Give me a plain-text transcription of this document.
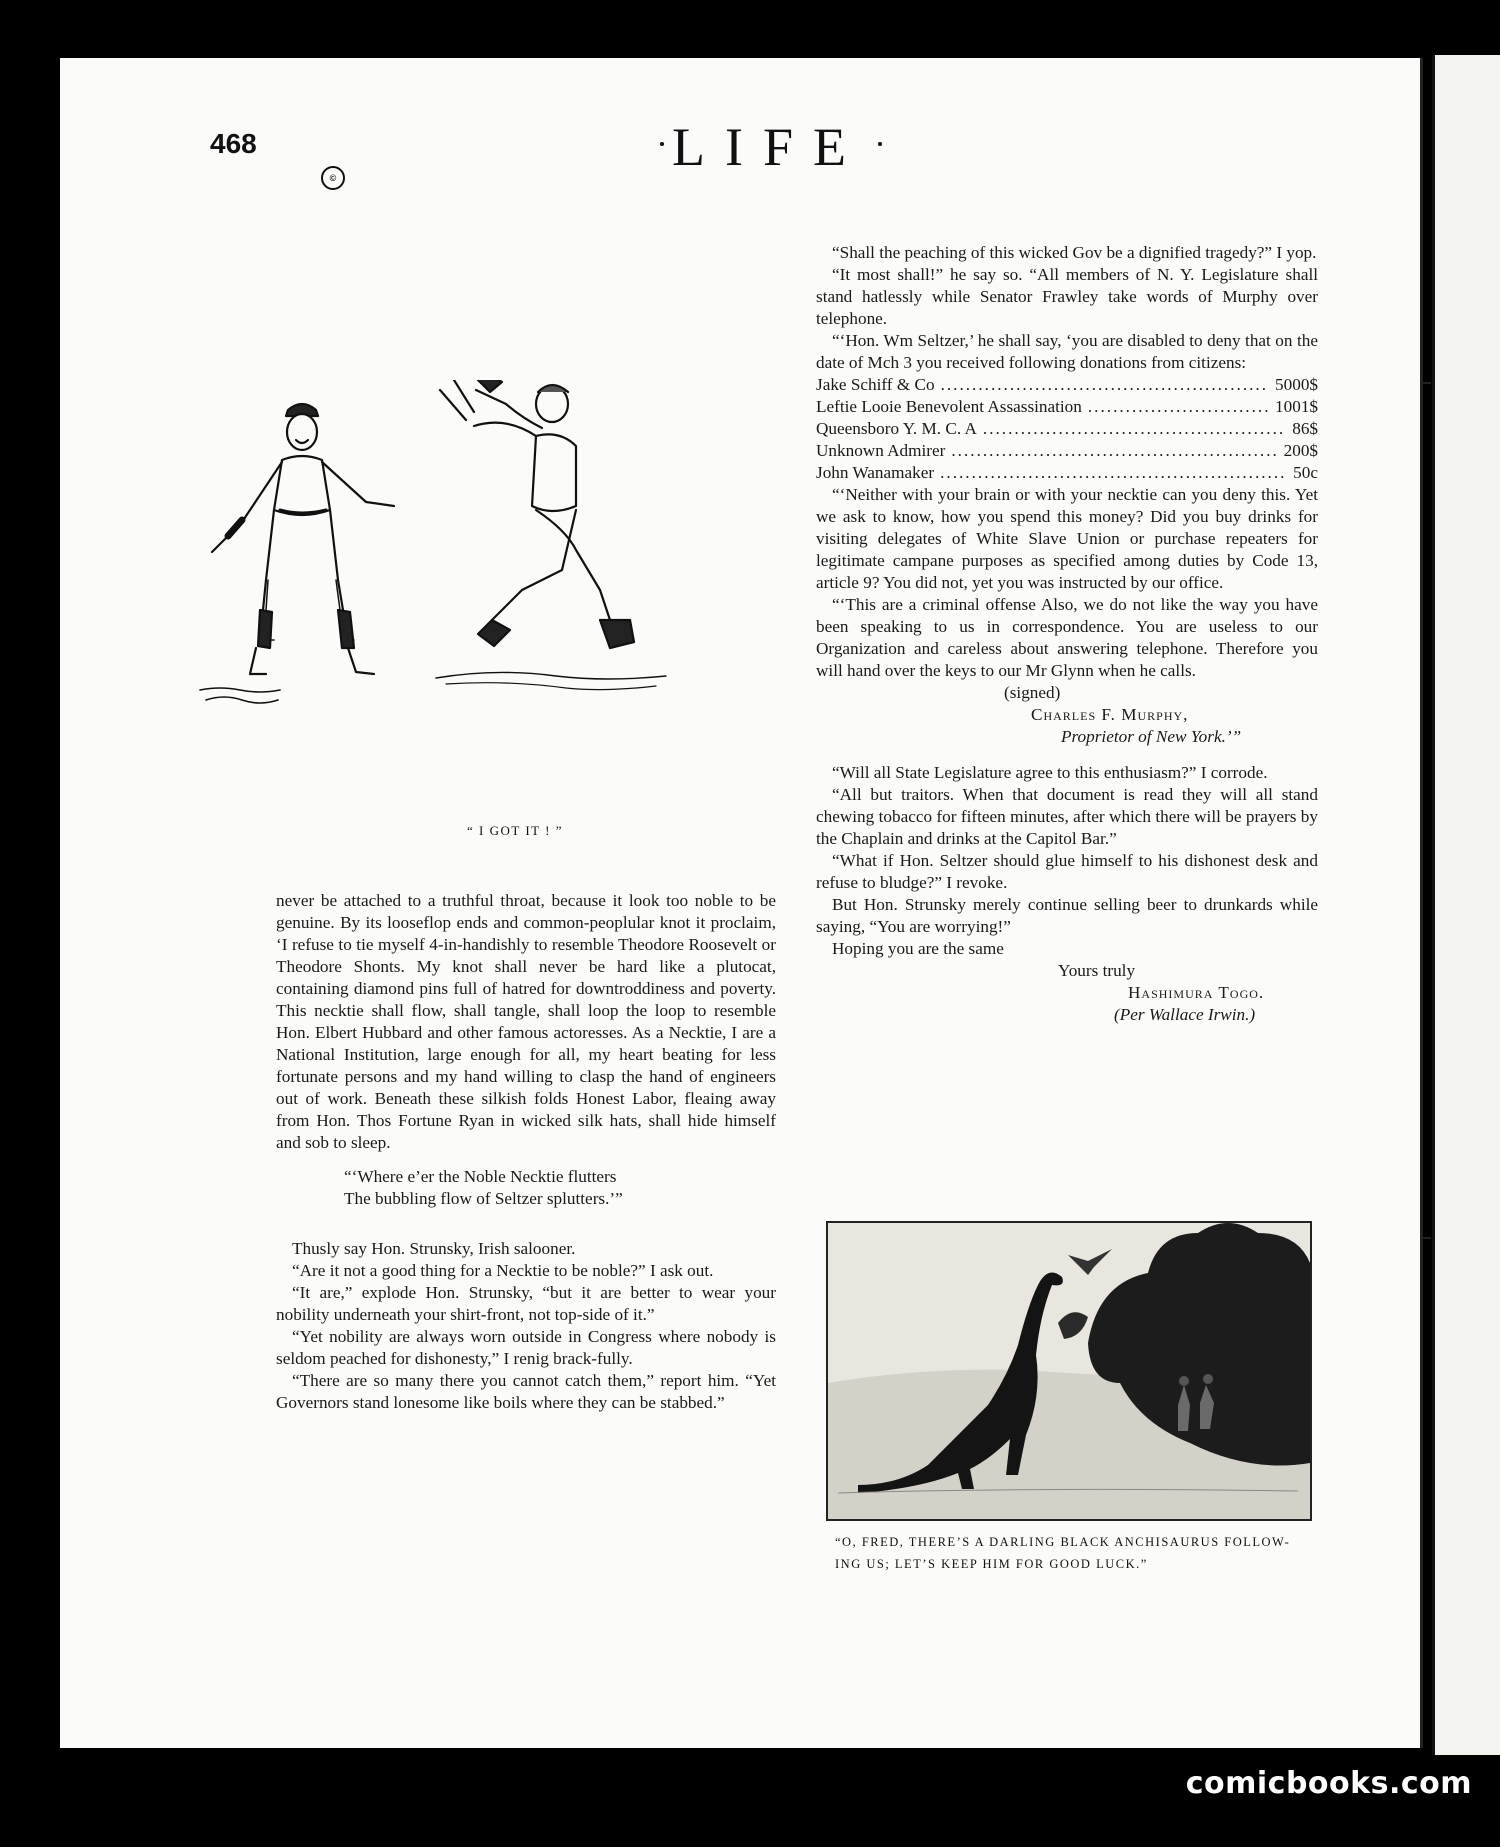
468	LIFE
©
“ I GOT IT ! ”

never be attached to a truthful throat, because it look too noble to be genuine. By its looseflop ends and common-peoplular knot it proclaim, ‘I refuse to tie myself 4-in-handishly to resemble Theodore Roosevelt or Theodore Shonts. My knot shall never be hard like a plutocat, containing diamond pins full of hatred for downtroddiness and poverty. This necktie shall flow, shall tangle, shall loop the loop to resemble Hon. Elbert Hubbard and other famous actoresses. As a Necktie, I are a National Institution, large enough for all, my heart beating for less fortunate persons and my hand willing to clasp the hand of engineers out of work. Beneath these silkish folds Honest Labor, fleaing away from Hon. Thos Fortune Ryan in wicked silk hats, shall hide himself and sob to sleep.

“‘Where e’er the Noble Necktie flutters

The bubbling flow of Seltzer splutters.’”

Thusly say Hon. Strunsky, Irish salooner.

“Are it not a good thing for a Necktie to be noble?” I ask out.

“It are,” explode Hon. Strunsky, “but it are better to wear your nobility underneath your shirt-front, not top-side of it.”

“Yet nobility are always worn outside in Congress where nobody is seldom peached for dishonesty,” I renig brack-fully.

“There are so many there you cannot catch them,” report him. “Yet Governors stand lonesome like boils where they can be stabbed.”

“Shall the peaching of this wicked Gov be a dignified tragedy?” I yop.

“It most shall!” he say so. “All members of N. Y. Legislature shall stand hatlessly while Senator Frawley take words of Murphy over telephone.

“‘Hon. Wm Seltzer,’ he shall say, ‘you are disabled to deny that on the date of Mch 3 you received following donations from citizens:

Jake Schiff & Co .....	5000$
Leftie Looie Benevolent Assassination .....	1001$
Queensboro Y. M. C. A .....	86$
Unknown Admirer .....	200$
John Wanamaker .....	50c

“‘Neither with your brain or with your necktie can you deny this. Yet we ask to know, how you spend this money? Did you buy drinks for visiting delegates of White Slave Union or purchase repeaters for legitimate campane purposes as specified among duties by Code 13, article 9? You did not, yet you was instructed by our office.

“‘This are a criminal offense Also, we do not like the way you have been speaking to us in correspondence. You are useless to our Organization and careless about answering telephone. Therefore you will hand over the keys to our Mr Glynn when he calls.

(signed)

Charles F. Murphy,

Proprietor of New York.’”

“Will all State Legislature agree to this enthusiasm?” I corrode.

“All but traitors. When that document is read they will all stand chewing tobacco for fifteen minutes, after which there will be prayers by the Chaplain and drinks at the Capitol Bar.”

“What if Hon. Seltzer should glue himself to his dishonest desk and refuse to bludge?” I revoke.

But Hon. Strunsky merely continue selling beer to drunkards while saying, “You are worrying!”

Hoping you are the same

Yours truly

Hashimura Togo.

(Per Wallace Irwin.)

“O, FRED, THERE’S A DARLING BLACK ANCHISAURUS FOLLOW-
ING US; LET’S KEEP HIM FOR GOOD LUCK.”
comicbooks.com
